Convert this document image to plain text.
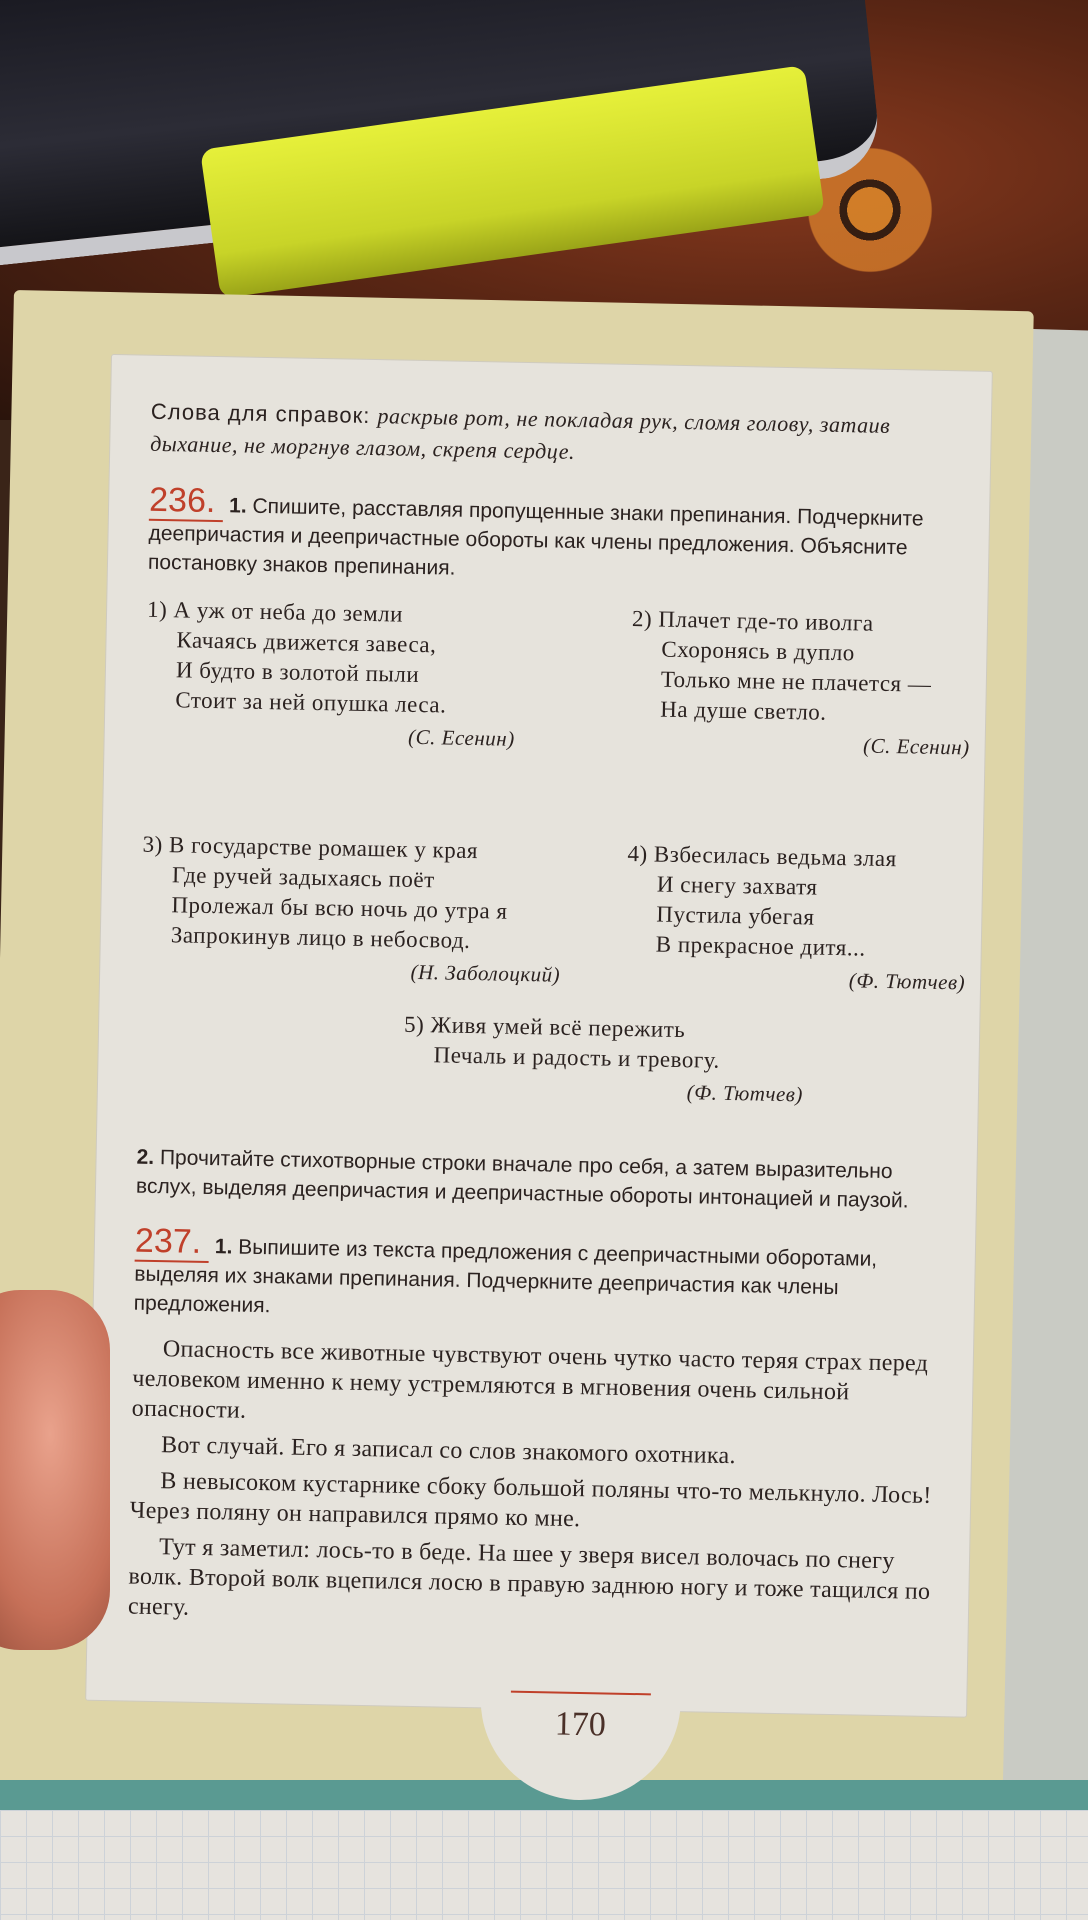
Слова для справок: раскрыв рот, не покладая рук, сломя голову, затаив дыхание, не моргнув глазом, скрепя сердце.

236. 1. Спишите, расставляя пропущенные знаки препинания. Подчеркните деепричастия и деепричастные обороты как члены предложения. Объясните постановку знаков препинания.

1) А уж от неба до земли
Качаясь движется завеса,
И будто в золотой пыли
Стоит за ней опушка леса.
(С. Есенин)
2) Плачет где-то иволга
Схоронясь в дупло
Только мне не плачется —
На душе светло.
(С. Есенин)
3) В государстве ромашек у края
Где ручей задыхаясь поёт
Пролежал бы всю ночь до утра я
Запрокинув лицо в небосвод.
(Н. Заболоцкий)
4) Взбесилась ведьма злая
И снегу захватя
Пустила убегая
В прекрасное дитя...
(Ф. Тютчев)
5) Живя умей всё пережить
Печаль и радость и тревогу.
(Ф. Тютчев)

2. Прочитайте стихотворные строки вначале про себя, а затем выразительно вслух, выделяя деепричастия и деепричастные обороты интонацией и паузой.

237. 1. Выпишите из текста предложения с деепричастными оборотами, выделяя их знаками препинания. Подчеркните деепричастия как члены предложения.

Опасность все животные чувствуют очень чутко часто теряя страх перед человеком именно к нему устремляются в мгновения очень сильной опасности.

Вот случай. Его я записал со слов знакомого охотника.

В невысоком кустарнике сбоку большой поляны что-то мелькнуло. Лось! Через поляну он направился прямо ко мне.

Тут я заметил: лось-то в беде. На шее у зверя висел волочась по снегу волк. Второй волк вцепился лосю в правую заднюю ногу и тоже тащился по снегу.

170
